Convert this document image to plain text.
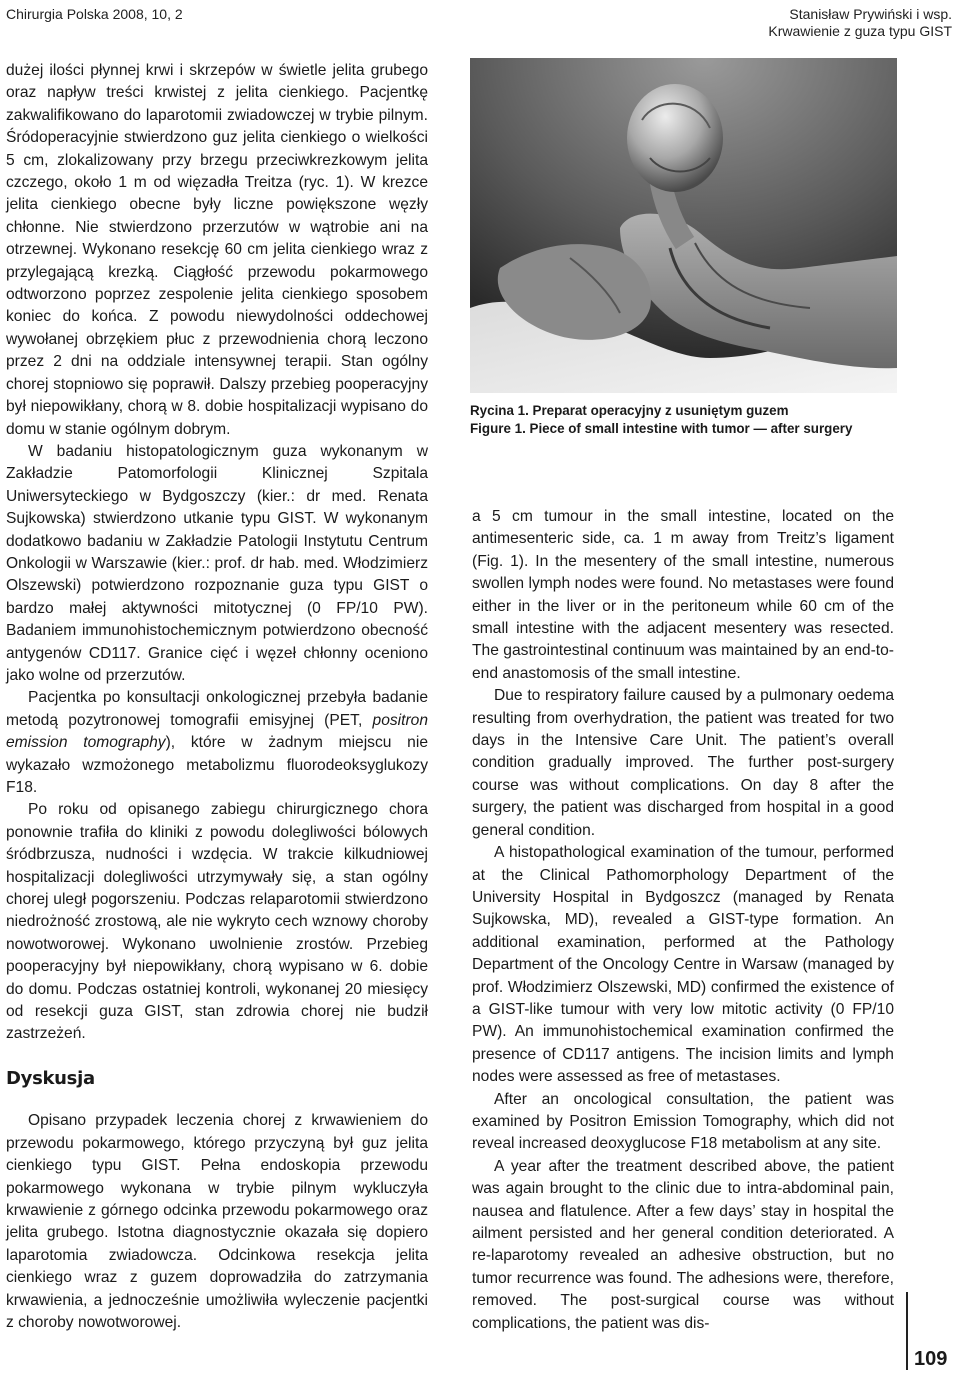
Chirurgia Polska 2008, 10, 2	Stanisław Prywiński i wsp.
Krwawienie z guza typu GIST

dużej ilości płynnej krwi i skrzepów w świetle jelita grubego oraz napływ treści krwistej z jelita cienkiego. Pacjentkę zakwalifikowano do laparotomii zwiadowczej w trybie pilnym. Śródoperacyjnie stwierdzono guz jelita cienkiego o wielkości 5 cm, zlokalizowany przy brzegu przeciwkrezkowym jelita czczego, około 1 m od więzadła Treitza (ryc. 1). W krezce jelita cienkiego obecne były liczne powiększone węzły chłonne. Nie stwierdzono przerzutów w wątrobie ani na otrzewnej. Wykonano resekcję 60 cm jelita cienkiego wraz z przylegającą krezką. Ciągłość przewodu pokarmowego odtworzono poprzez zespolenie jelita cienkiego sposobem koniec do końca. Z powodu niewydolności oddechowej wywołanej obrzękiem płuc z przewodnienia chorą leczono przez 2 dni na oddziale intensywnej terapii. Stan ogólny chorej stopniowo się poprawił. Dalszy przebieg pooperacyjny był niepowikłany, chorą w 8. dobie hospitalizacji wypisano do domu w stanie ogólnym dobrym.

W badaniu histopatologicznym guza wykonanym w Zakładzie Patomorfologii Klinicznej Szpitala Uniwersyteckiego w Bydgoszczy (kier.: dr med. Renata Sujkowska) stwierdzono utkanie typu GIST. W wykonanym dodatkowo badaniu w Zakładzie Patologii Instytutu Centrum Onkologii w Warszawie (kier.: prof. dr hab. med. Włodzimierz Olszewski) potwierdzono rozpoznanie guza typu GIST o bardzo małej aktywności mitotycznej (0 FP/10 PW). Badaniem immunohistochemicznym potwierdzono obecność antygenów CD117. Granice cięć i węzeł chłonny oceniono jako wolne od przerzutów.

Pacjentka po konsultacji onkologicznej przebyła badanie metodą pozytronowej tomografii emisyjnej (PET, positron emission tomography), które w żadnym miejscu nie wykazało wzmożonego metabolizmu fluorodeoksyglukozy F18.

Po roku od opisanego zabiegu chirurgicznego chora ponownie trafiła do kliniki z powodu dolegliwości bólowych śródbrzusza, nudności i wzdęcia. W trakcie kilkudniowej hospitalizacji dolegliwości utrzymywały się, a stan ogólny chorej uległ pogorszeniu. Podczas relaparotomii stwierdzono niedrożność zrostową, ale nie wykryto cech wznowy choroby nowotworowej. Wykonano uwolnienie zrostów. Przebieg pooperacyjny był niepowikłany, chorą wypisano w 6. dobie do domu. Podczas ostatniej kontroli, wykonanej 20 miesięcy od resekcji guza GIST, stan zdrowia chorej nie budził zastrzeżeń.

Dyskusja

Opisano przypadek leczenia chorej z krwawieniem do przewodu pokarmowego, którego przyczyną był guz jelita cienkiego typu GIST. Pełna endoskopia przewodu pokarmowego wykonana w trybie pilnym wykluczyła krwawienie z górnego odcinka przewodu pokarmowego oraz jelita grubego. Istotna diagnostycznie okazała się dopiero laparotomia zwiadowcza. Odcinkowa resekcja jelita cienkiego wraz z guzem doprowadziła do zatrzymania krwawienia, a jednocześnie umożliwiła wyleczenie pacjentki z choroby nowotworowej.

Rycina 1. Preparat operacyjny z usuniętym guzem
Figure 1. Piece of small intestine with tumor — after surgery

a 5 cm tumour in the small intestine, located on the antimesenteric side, ca. 1 m away from Treitz’s ligament (Fig. 1). In the mesentery of the small intestine, numerous swollen lymph nodes were found. No metastases were found either in the liver or in the peritoneum while 60 cm of the small intestine with the adjacent mesentery was resected. The gastrointestinal continuum was maintained by an end-to-end anastomosis of the small intestine.

Due to respiratory failure caused by a pulmonary oedema resulting from overhydration, the patient was treated for two days in the Intensive Care Unit. The patient’s overall condition gradually improved. The further post-surgery course was without complications. On day 8 after the surgery, the patient was discharged from hospital in a good general condition.

A histopathological examination of the tumour, performed at the Clinical Pathomorphology Department of the University Hospital in Bydgoszcz (managed by Renata Sujkowska, MD), revealed a GIST-type formation. An additional examination, performed at the Pathology Department of the Oncology Centre in Warsaw (managed by prof. Włodzimierz Olszewski, MD) confirmed the existence of a GIST-like tumour with very low mitotic activity (0 FP/10 PW). An immunohistochemical examination confirmed the presence of CD117 antigens. The incision limits and lymph nodes were assessed as free of metastases.

After an oncological consultation, the patient was examined by Positron Emission Tomography, which did not reveal increased deoxyglucose F18 metabolism at any site.

A year after the treatment described above, the patient was again brought to the clinic due to intra-abdominal pain, nausea and flatulence. After a few days’ stay in hospital the ailment persisted and her general condition deteriorated. A re-laparotomy revealed an adhesive obstruction, but no tumor recurrence was found. The adhesions were, therefore, removed. The post-surgical course was without complications, the patient was dis-

109
